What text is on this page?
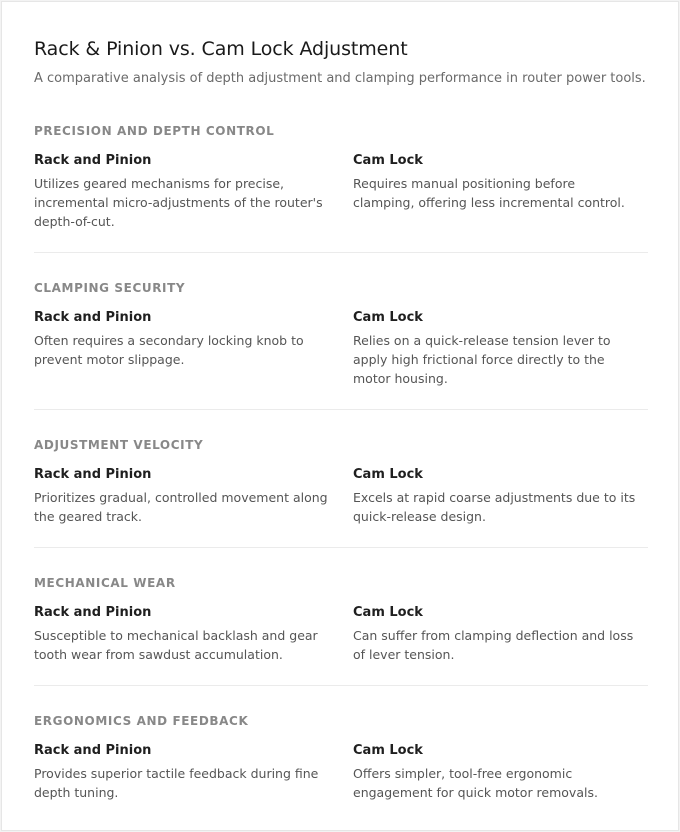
Rack & Pinion vs. Cam Lock Adjustment
A comparative analysis of depth adjustment and clamping performance in router power tools.
PRECISION AND DEPTH CONTROL
Rack and Pinion
Utilizes geared mechanisms for precise, incremental micro-adjustments of the router's depth-of-cut.
Cam Lock
Requires manual positioning before clamping, offering less incremental control.
CLAMPING SECURITY
Rack and Pinion
Often requires a secondary locking knob to prevent motor slippage.
Cam Lock
Relies on a quick-release tension lever to apply high frictional force directly to the motor housing.
ADJUSTMENT VELOCITY
Rack and Pinion
Prioritizes gradual, controlled movement along the geared track.
Cam Lock
Excels at rapid coarse adjustments due to its quick-release design.
MECHANICAL WEAR
Rack and Pinion
Susceptible to mechanical backlash and gear tooth wear from sawdust accumulation.
Cam Lock
Can suffer from clamping deflection and loss of lever tension.
ERGONOMICS AND FEEDBACK
Rack and Pinion
Provides superior tactile feedback during fine depth tuning.
Cam Lock
Offers simpler, tool-free ergonomic engagement for quick motor removals.
